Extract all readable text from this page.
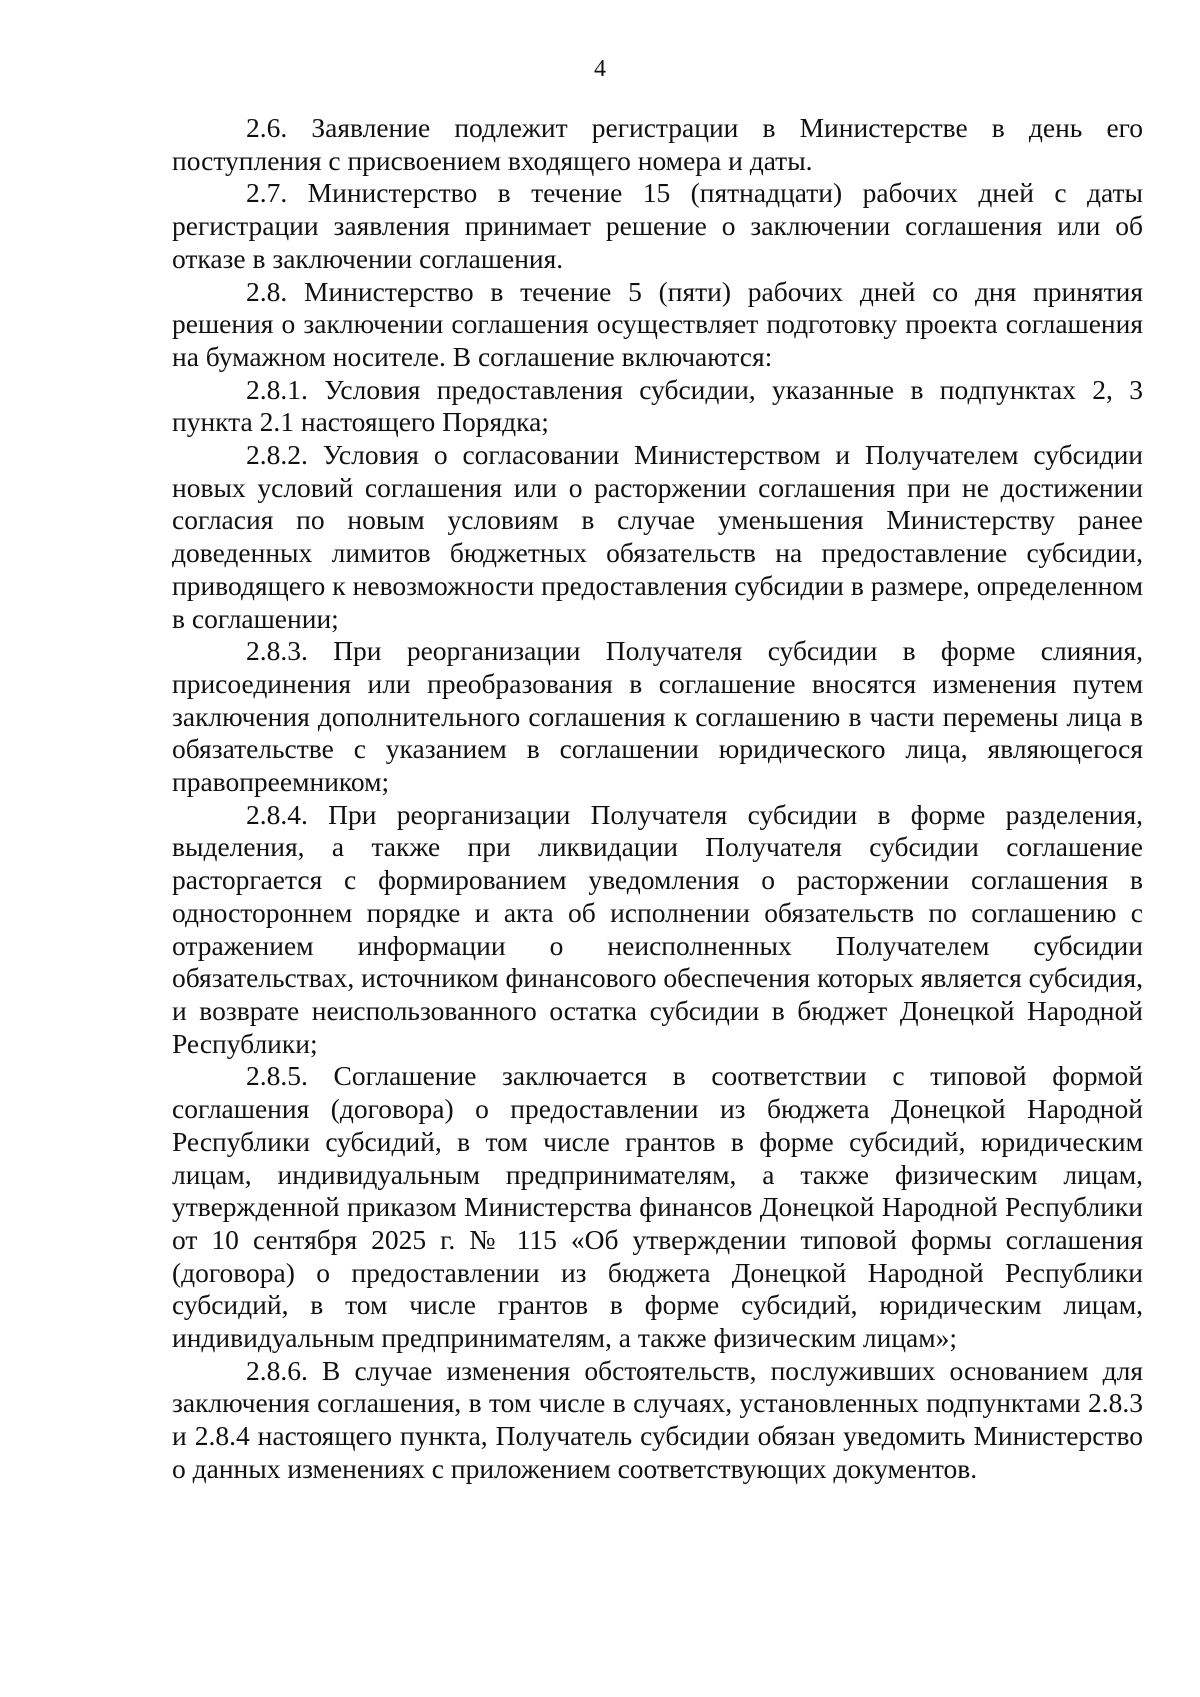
4

2.6. Заявление подлежит регистрации в Министерстве в день его поступления с присвоением входящего номера и даты.

2.7. Министерство в течение 15 (пятнадцати) рабочих дней с даты регистрации заявления принимает решение о заключении соглашения или об отказе в заключении соглашения.

2.8. Министерство в течение 5 (пяти) рабочих дней со дня принятия решения о заключении соглашения осуществляет подготовку проекта соглашения на бумажном носителе. В соглашение включаются:

2.8.1. Условия предоставления субсидии, указанные в подпунктах 2, 3 пункта 2.1 настоящего Порядка;

2.8.2. Условия о согласовании Министерством и Получателем субсидии новых условий соглашения или о расторжении соглашения при не достижении согласия по новым условиям в случае уменьшения Министерству ранее доведенных лимитов бюджетных обязательств на предоставление субсидии, приводящего к невозможности предоставления субсидии в размере, определенном в соглашении;

2.8.3. При реорганизации Получателя субсидии в форме слияния, присоединения или преобразования в соглашение вносятся изменения путем заключения дополнительного соглашения к соглашению в части перемены лица в обязательстве с указанием в соглашении юридического лица, являющегося правопреемником;

2.8.4. При реорганизации Получателя субсидии в форме разделения, выделения, а также при ликвидации Получателя субсидии соглашение расторгается с формированием уведомления о расторжении соглашения в одностороннем порядке и акта об исполнении обязательств по соглашению с отражением информации о неисполненных Получателем субсидии обязательствах, источником финансового обеспечения которых является субсидия, и возврате неиспользованного остатка субсидии в бюджет Донецкой Народной Республики;

2.8.5. Соглашение заключается в соответствии с типовой формой соглашения (договора) о предоставлении из бюджета Донецкой Народной Республики субсидий, в том числе грантов в форме субсидий, юридическим лицам, индивидуальным предпринимателям, а также физическим лицам, утвержденной приказом Министерства финансов Донецкой Народной Республики от 10 сентября 2025 г. № 115 «Об утверждении типовой формы соглашения (договора) о предоставлении из бюджета Донецкой Народной Республики субсидий, в том числе грантов в форме субсидий, юридическим лицам, индивидуальным предпринимателям, а также физическим лицам»;

2.8.6. В случае изменения обстоятельств, послуживших основанием для заключения соглашения, в том числе в случаях, установленных подпунктами 2.8.3 и 2.8.4 настоящего пункта, Получатель субсидии обязан уведомить Министерство о данных изменениях с приложением соответствующих документов.
